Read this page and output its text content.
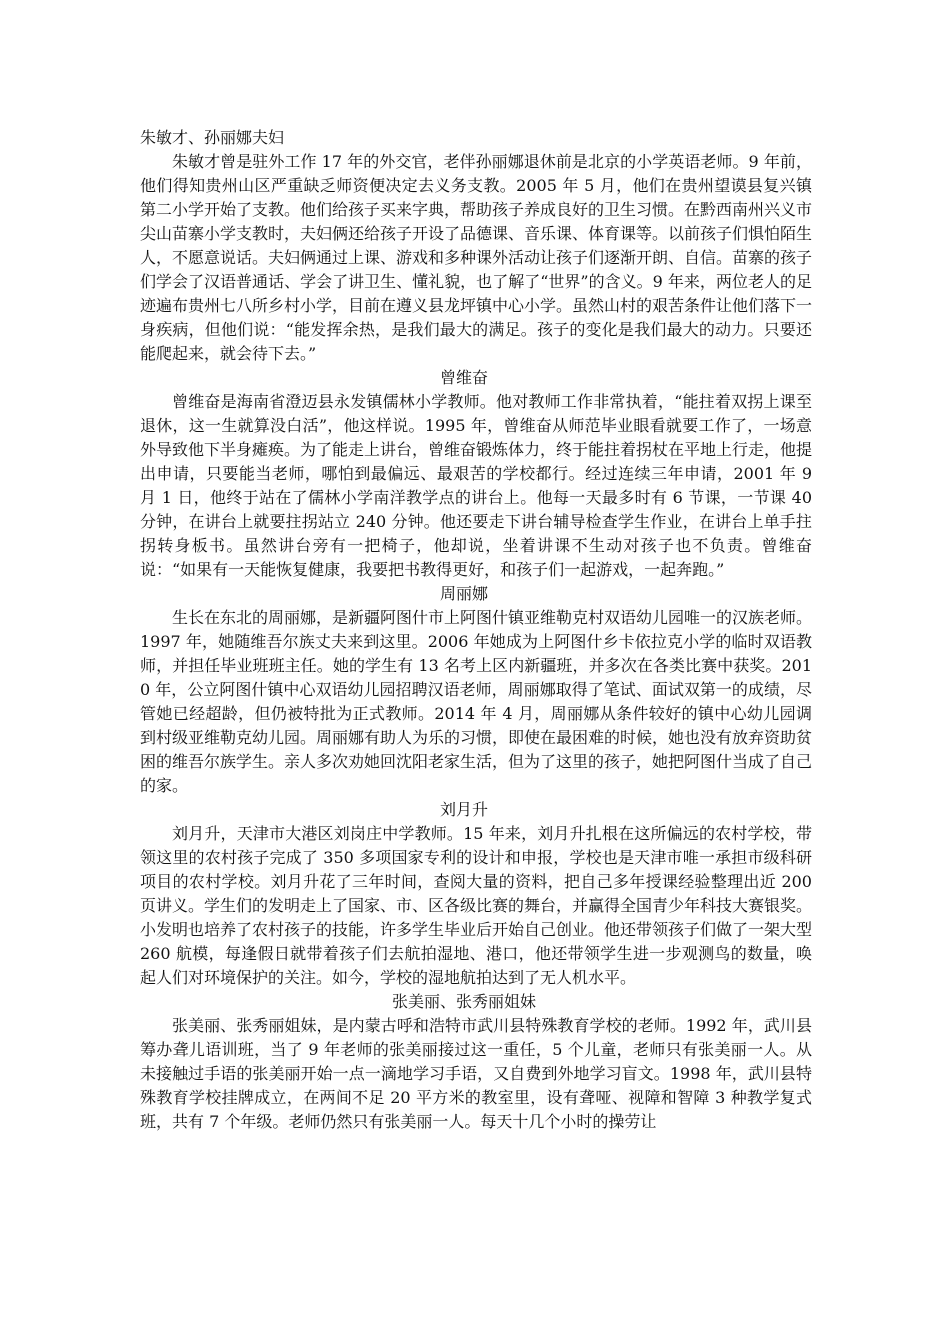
朱敏才、孙丽娜夫妇

朱敏才曾是驻外工作 17 年的外交官，老伴孙丽娜退休前是北京的小学英语老师。9 年前，他们得知贵州山区严重缺乏师资便决定去义务支教。2005 年 5 月，他们在贵州望谟县复兴镇第二小学开始了支教。他们给孩子买来字典，帮助孩子养成良好的卫生习惯。在黔西南州兴义市尖山苗寨小学支教时，夫妇俩还给孩子开设了品德课、音乐课、体育课等。以前孩子们惧怕陌生人，不愿意说话。夫妇俩通过上课、游戏和多种课外活动让孩子们逐渐开朗、自信。苗寨的孩子们学会了汉语普通话、学会了讲卫生、懂礼貌，也了解了“世界”的含义。9 年来，两位老人的足迹遍布贵州七八所乡村小学，目前在遵义县龙坪镇中心小学。虽然山村的艰苦条件让他们落下一身疾病，但他们说：“能发挥余热，是我们最大的满足。孩子的变化是我们最大的动力。只要还能爬起来，就会待下去。”

曾维奋

曾维奋是海南省澄迈县永发镇儒林小学教师。他对教师工作非常执着，“能拄着双拐上课至退休，这一生就算没白活”，他这样说。1995 年，曾维奋从师范毕业眼看就要工作了，一场意外导致他下半身瘫痪。为了能走上讲台，曾维奋锻炼体力，终于能拄着拐杖在平地上行走，他提出申请，只要能当老师，哪怕到最偏远、最艰苦的学校都行。经过连续三年申请，2001 年 9 月 1 日，他终于站在了儒林小学南洋教学点的讲台上。他每一天最多时有 6 节课，一节课 40 分钟，在讲台上就要拄拐站立 240 分钟。他还要走下讲台辅导检查学生作业，在讲台上单手拄拐转身板书。虽然讲台旁有一把椅子，他却说，坐着讲课不生动对孩子也不负责。曾维奋说：“如果有一天能恢复健康，我要把书教得更好，和孩子们一起游戏，一起奔跑。”

周丽娜

生长在东北的周丽娜，是新疆阿图什市上阿图什镇亚维勒克村双语幼儿园唯一的汉族老师。1997 年，她随维吾尔族丈夫来到这里。2006 年她成为上阿图什乡卡依拉克小学的临时双语教师，并担任毕业班班主任。她的学生有 13 名考上区内新疆班，并多次在各类比赛中获奖。2010 年，公立阿图什镇中心双语幼儿园招聘汉语老师，周丽娜取得了笔试、面试双第一的成绩，尽管她已经超龄，但仍被特批为正式教师。2014 年 4 月，周丽娜从条件较好的镇中心幼儿园调到村级亚维勒克幼儿园。周丽娜有助人为乐的习惯，即使在最困难的时候，她也没有放弃资助贫困的维吾尔族学生。亲人多次劝她回沈阳老家生活，但为了这里的孩子，她把阿图什当成了自己的家。

刘月升

刘月升，天津市大港区刘岗庄中学教师。15 年来，刘月升扎根在这所偏远的农村学校，带领这里的农村孩子完成了 350 多项国家专利的设计和申报，学校也是天津市唯一承担市级科研项目的农村学校。刘月升花了三年时间，查阅大量的资料，把自己多年授课经验整理出近 200 页讲义。学生们的发明走上了国家、市、区各级比赛的舞台，并赢得全国青少年科技大赛银奖。小发明也培养了农村孩子的技能，许多学生毕业后开始自己创业。他还带领孩子们做了一架大型 260 航模，每逢假日就带着孩子们去航拍湿地、港口，他还带领学生进一步观测鸟的数量，唤起人们对环境保护的关注。如今，学校的湿地航拍达到了无人机水平。

张美丽、张秀丽姐妹

张美丽、张秀丽姐妹，是内蒙古呼和浩特市武川县特殊教育学校的老师。1992 年，武川县筹办聋儿语训班，当了 9 年老师的张美丽接过这一重任，5 个儿童，老师只有张美丽一人。从未接触过手语的张美丽开始一点一滴地学习手语，又自费到外地学习盲文。1998 年，武川县特殊教育学校挂牌成立，在两间不足 20 平方米的教室里，设有聋哑、视障和智障 3 种教学复式班，共有 7 个年级。老师仍然只有张美丽一人。每天十几个小时的操劳让
